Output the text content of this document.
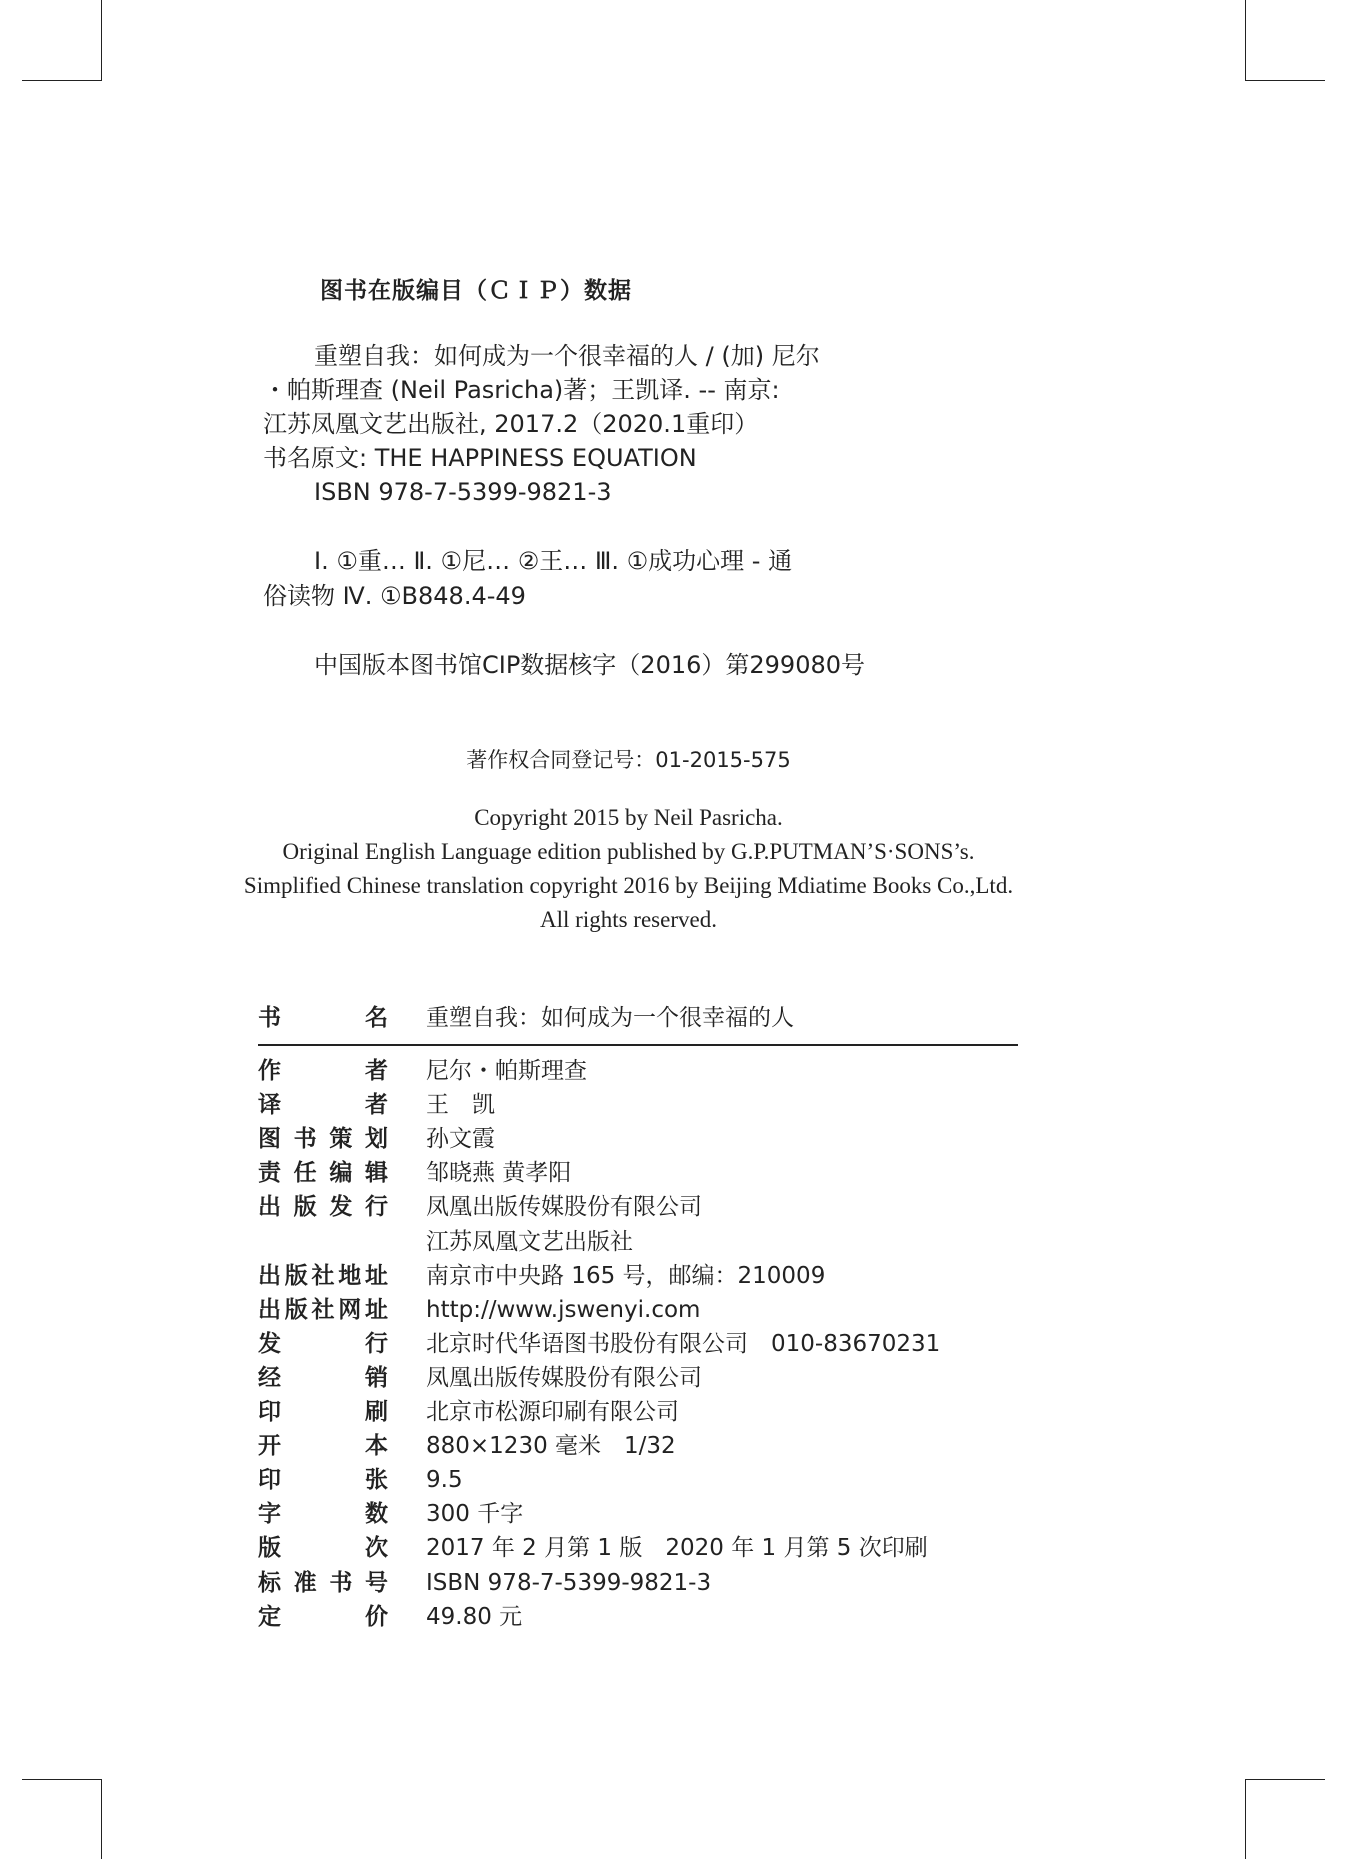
图书在版编目（ＣＩＰ）数据
重塑自我：如何成为一个很幸福的人 / (加) 尼尔
・帕斯理查 (Neil Pasricha)著；王凯译. -- 南京:
江苏凤凰文艺出版社, 2017.2（2020.1重印）
书名原文: THE HAPPINESS EQUATION
ISBN 978-7-5399-9821-3
Ⅰ. ①重… Ⅱ. ①尼… ②王… Ⅲ. ①成功心理 - 通
俗读物 Ⅳ. ①B848.4-49
中国版本图书馆CIP数据核字（2016）第299080号
著作权合同登记号：01-2015-575
Copyright 2015 by Neil Pasricha.
Original English Language edition published by G.P.PUTMAN’S·SONS’s.
Simplified Chinese translation copyright 2016 by Beijing Mdiatime Books Co.,Ltd.
All rights reserved.
书	名 重塑自我：如何成为一个很幸福的人
作	者 尼尔・帕斯理查
译	者 王　凯
图 书 策 划 孙文霞
责 任 编 辑 邹晓燕 黄孝阳
出 版 发 行 凤凰出版传媒股份有限公司
江苏凤凰文艺出版社
出 版 社 地 址 南京市中央路 165 号，邮编：210009
出 版 社 网 址 http://www.jswenyi.com
发	行 北京时代华语图书股份有限公司　010-83670231
经	销 凤凰出版传媒股份有限公司
印	刷 北京市松源印刷有限公司
开	本 880×1230 毫米　1/32
印	张 9.5
字	数 300 千字
版	次 2017 年 2 月第 1 版　2020 年 1 月第 5 次印刷
标 准 书 号 ISBN 978-7-5399-9821-3
定	价 49.80 元
